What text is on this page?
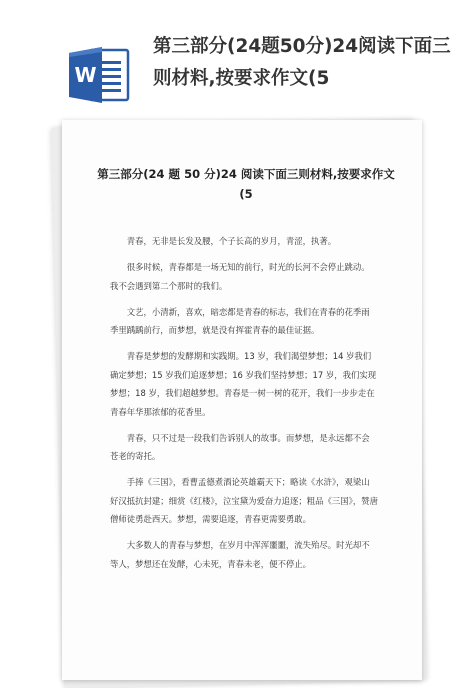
W
第三部分(24题50分)24阅读下面三则材料,按要求作文(5
第三部分(24 题 50 分)24 阅读下面三则材料,按要求作文(5

青春，无非是长发及腰，个子长高的岁月，青涩，执著。

很多时候，青春都是一场无知的前行，时光的长河不会停止跳动。我不会遇到第二个那时的我们。

文艺，小清新，喜欢，暗恋都是青春的标志，我们在青春的花季雨季里踽踽前行，而梦想，就是没有挥霍青春的最佳证据。

青春是梦想的发酵期和实践期。13 岁，我们渴望梦想；14 岁我们确定梦想；15 岁我们追逐梦想；16 岁我们坚持梦想；17 岁，我们实现梦想；18 岁，我们超越梦想。青春是一树一树的花开，我们一步步走在青春年华那浓郁的花香里。

青春，只不过是一段我们告诉别人的故事。而梦想，是永远都不会苍老的寄托。

手捧《三国》，看曹孟德煮酒论英雄霸天下；略读《水浒》，观梁山好汉抵抗封建；细赏《红楼》，泣宝黛为爱奋力追逐；粗品《三国》，赞唐僧师徒勇赴西天。梦想，需要追逐，青春更需要勇敢。

大多数人的青春与梦想，在岁月中浑浑噩噩，流失殆尽。时光却不等人，梦想还在发酵，心未死，青春未老，便不停止。
